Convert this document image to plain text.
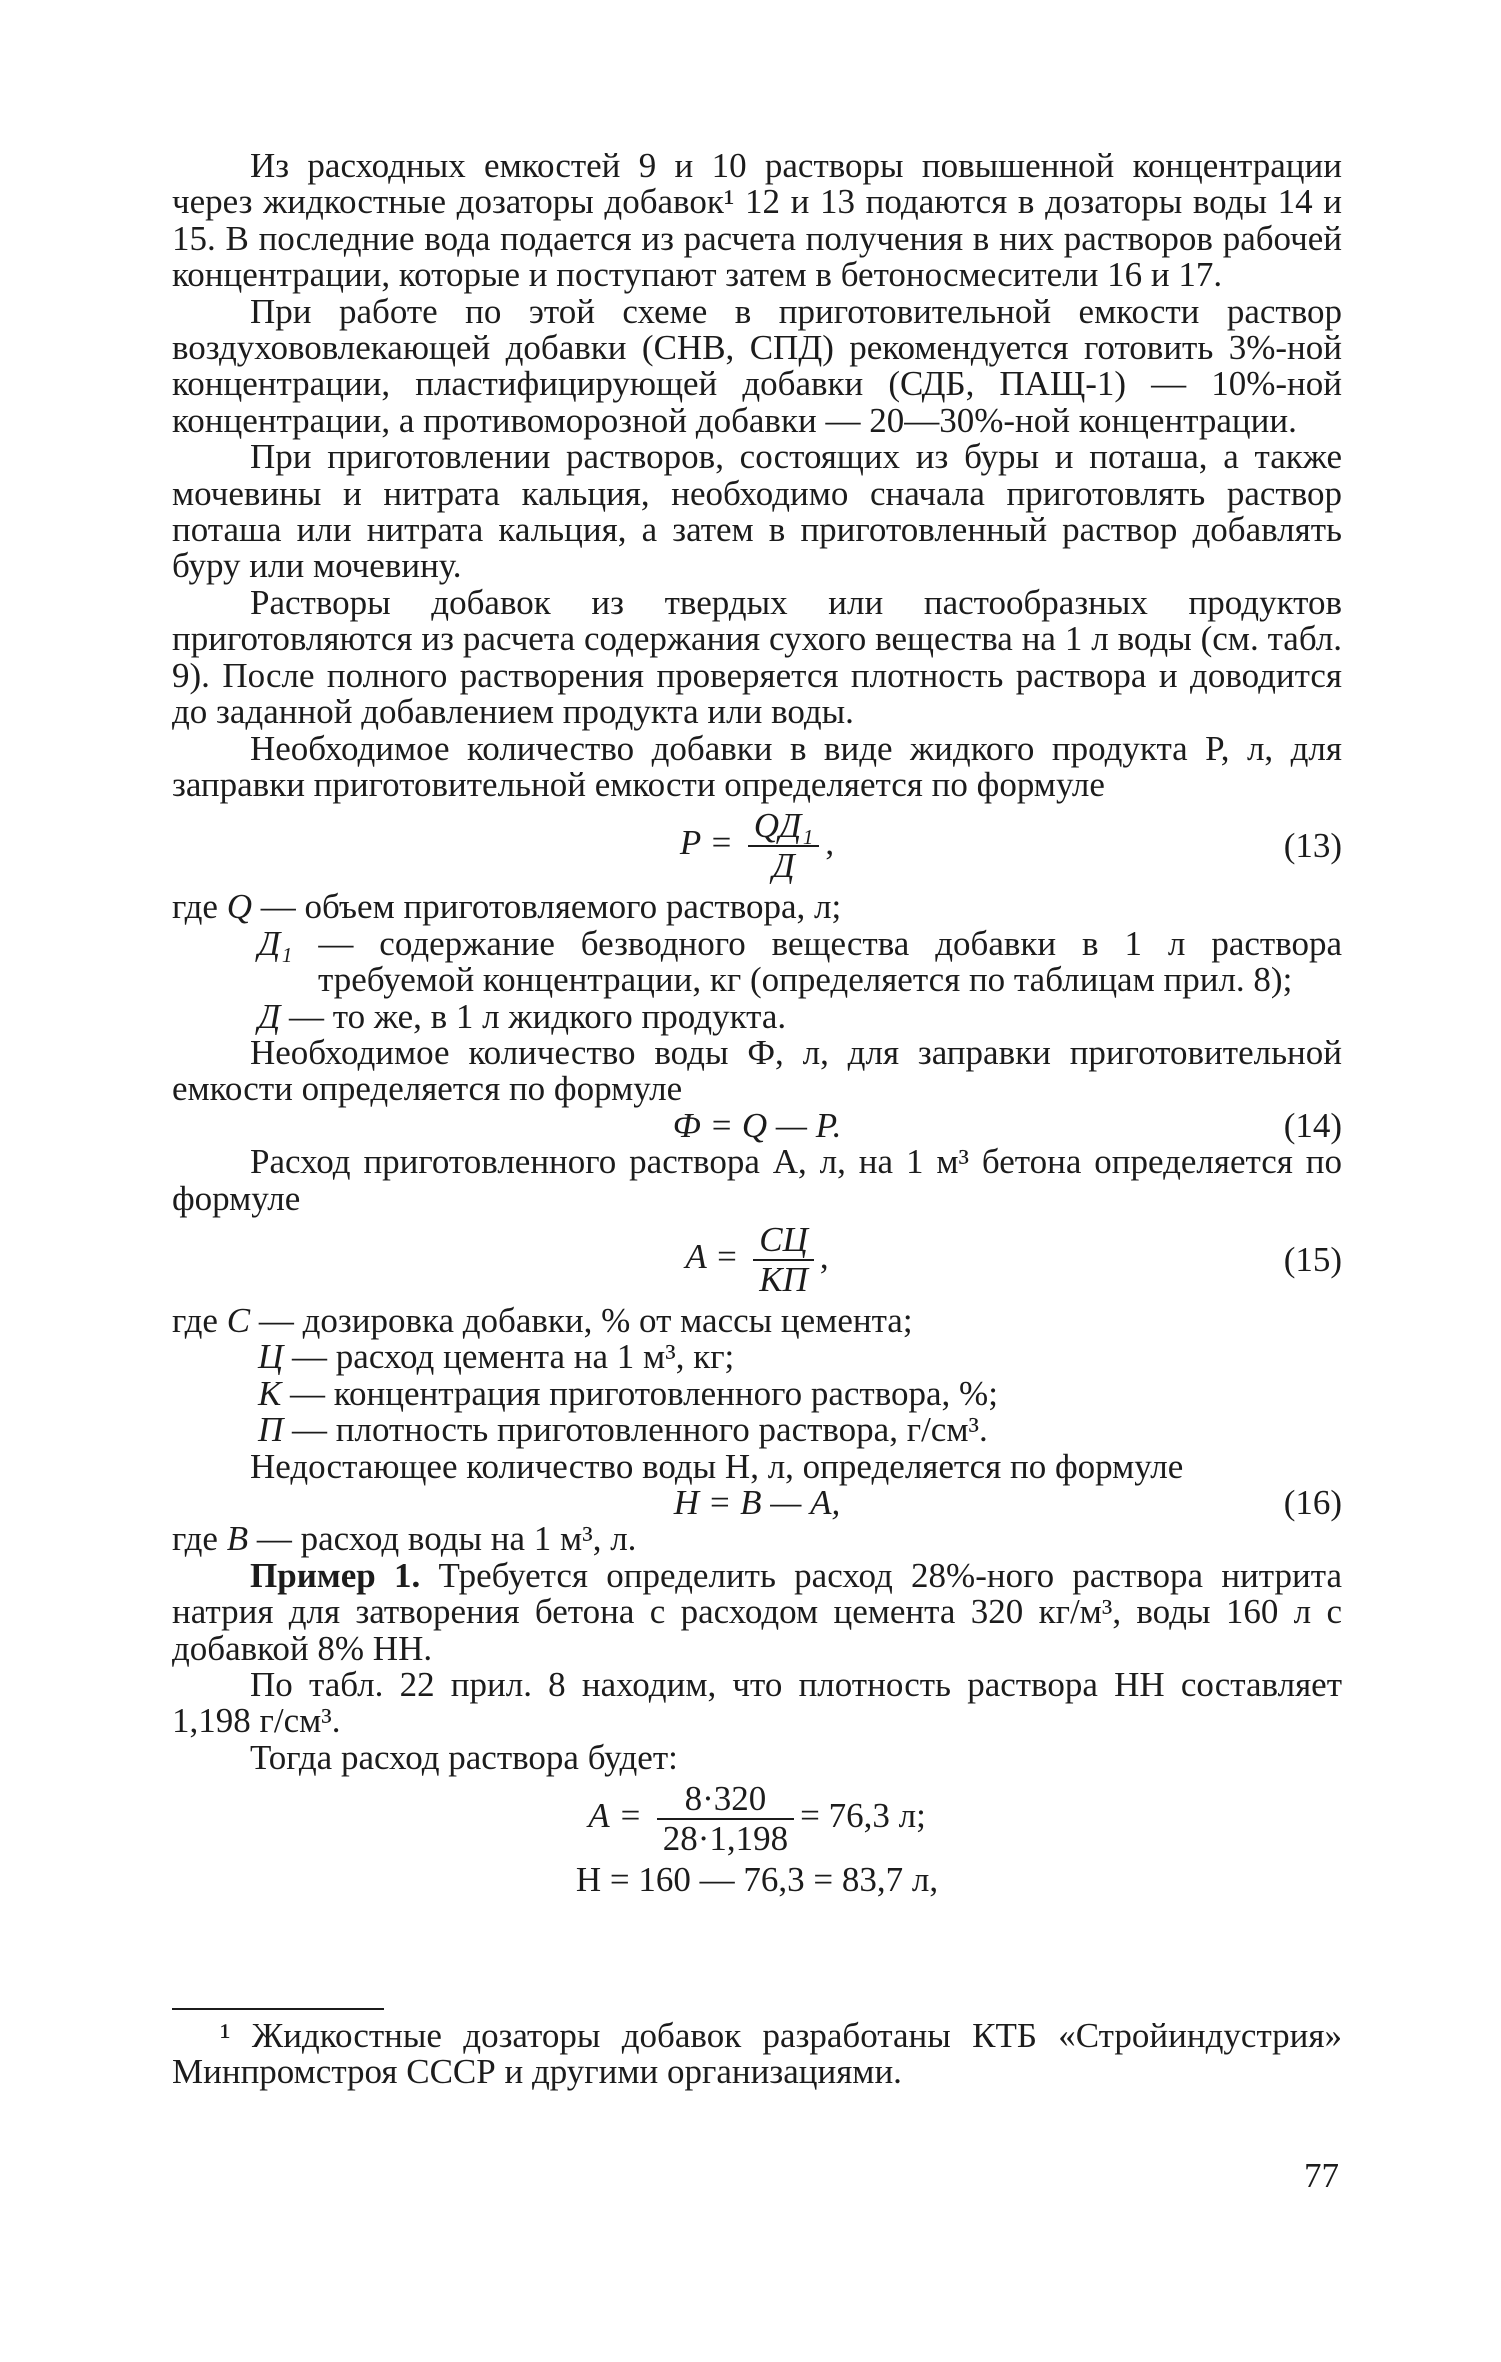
Из расходных емкостей 9 и 10 растворы повышенной концентрации через жидкостные дозаторы добавок¹ 12 и 13 подаются в дозаторы воды 14 и 15. В последние вода подается из расчета получения в них растворов рабочей концентрации, которые и поступают затем в бетоносмесители 16 и 17.
При работе по этой схеме в приготовительной емкости раствор воздухововлекающей добавки (СНВ, СПД) рекомендуется готовить 3%-ной концентрации, пластифицирующей добавки (СДБ, ПАЩ-1) — 10%-ной концентрации, а противоморозной добавки — 20—30%-ной концентрации.
При приготовлении растворов, состоящих из буры и поташа, а также мочевины и нитрата кальция, необходимо сначала приготовлять раствор поташа или нитрата кальция, а затем в приготовленный раствор добавлять буру или мочевину.
Растворы добавок из твердых или пастообразных продуктов приготовляются из расчета содержания сухого вещества на 1 л воды (см. табл. 9). После полного растворения проверяется плотность раствора и доводится до заданной добавлением продукта или воды.
Необходимое количество добавки в виде жидкого продукта P, л, для заправки приготовительной емкости определяется по формуле
$P = \frac{\text{QД₁}}{Д}$ ,	(13)
где Q
— объем приготовляемого раствора, л;
Д₁ — содержание безводного вещества добавки в 1 л раствора требуемой концентрации, кг (определяется по таблицам прил. 8);
Д — то же, в 1 л жидкого продукта.
Необходимое количество воды Ф, л, для заправки приготовительной емкости определяется по формуле
Ф = Q — P.	(14)
Расход приготовленного раствора А, л, на 1 м³ бетона определяется по формуле
$A = \frac{СЦ}{КП}$ ,	(15)
где С
— дозировка добавки, % от массы цемента;
Ц — расход цемента на 1 м³, кг;
К — концентрация приготовленного раствора, %;
П — плотность приготовленного раствора, г/см³.
Недостающее количество воды Н, л, определяется по формуле
Н = В — А,	(16)
где В
— расход воды на 1 м³, л.
Пример 1. Требуется определить расход 28%-ного раствора нитрита натрия для затворения бетона с расходом цемента 320 кг/м³, воды 160 л с добавкой 8% НН.
По табл. 22 прил. 8 находим, что плотность раствора НН составляет 1,198 г/см³.
Тогда расход раствора будет:
$А = \frac{8\cdot 320}{28\cdot 1,198} = 76,3$ л;
Н = 160 — 76,3 = 83,7 л,
¹ Жидкостные дозаторы добавок разработаны КТБ «Стройиндустрия» Минпромстроя СССР и другими организациями.
77
